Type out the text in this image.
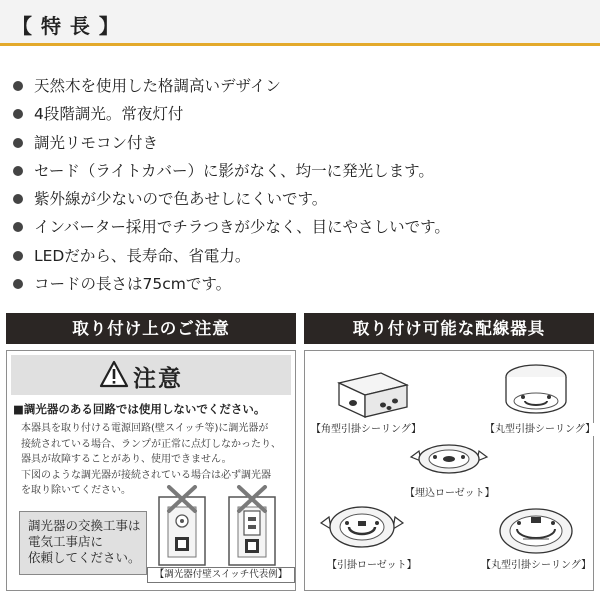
【 特 長 】
天然木を使用した格調高いデザイン
4段階調光。常夜灯付
調光リモコン付き
セード（ライトカバー）に影がなく、均一に発光します。
紫外線が少ないので色あせしにくいです。
インバーター採用でチラつきが少なく、目にやさしいです。
LEDだから、長寿命、省電力。
コードの長さは75cmです。
取り付け上のご注意	取り付け可能な配線器具
注意
■調光器のある回路では使用しないでください。
本器具を取り付ける電源回路(壁スイッチ等)に調光器が
接続されている場合、ランプが正常に点灯しなかったり、
器具が故障することがあり、使用できません。
下図のような調光器が接続されている場合は必ず調光器
を取り除いてください。
調光器の交換工事は
電気工事店に
依頼してください。
【調光器付壁スイッチ代表例】
【角型引掛シーリング】	【丸型引掛シーリング】
【埋込ローゼット】
【引掛ローゼット】	【丸型引掛シーリング】
